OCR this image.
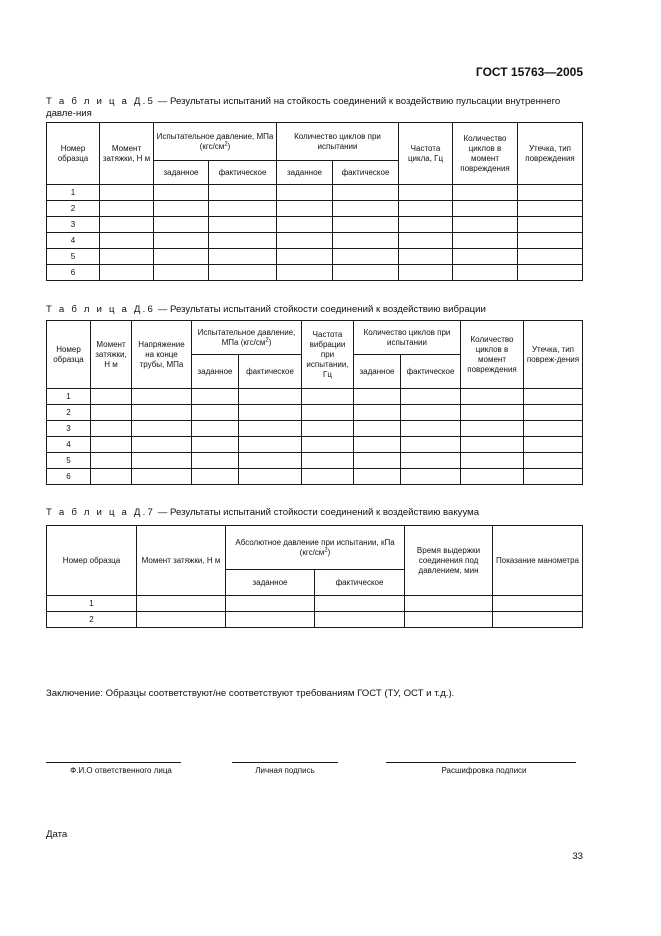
ГОСТ 15763—2005
Т а б л и ц а Д.5 — Результаты испытаний на стойкость соединений к воздействию пульсации внутреннего давле-ния
Номер образца	Момент затяжки, Н м	Испытательное давление, МПа $(кгс/см^2)$		Количество циклов при испытании		Частота цикла, Гц	Количество циклов в момент повреждения	Утечка, тип повреждения
		заданное	фактическое	заданное	фактическое			
1								
2								
3								
4								
5								
6								
Т а б л и ц а Д.6 — Результаты испытаний стойкости соединений к воздействию вибрации
Номер образца	Момент затяжки, Н м	Напряжение на конце трубы, МПа	Испытательное давление, МПа $(кгс/см^2)$		Частота вибрации при испытании, Гц	Количество циклов при испытании		Количество циклов в момент повреждения	Утечка, тип повреж-дения
			заданное	фактическое		заданное	фактическое		
1									
2									
3									
4									
5									
6									
Т а б л и ц а Д.7 — Результаты испытаний стойкости соединений к воздействию вакуума
Номер образца	Момент затяжки, Н м	Абсолютное давление при испытании, кПа $(кгс/см^2)$		Время выдержки соединения под давлением, мин	Показание манометра
		заданное	фактическое		
1					
2					
Заключение: Образцы соответствуют/не соответствуют требованиям ГОСТ (ТУ, ОСТ и т.д.).
Ф.И.О ответственного лица	Личная подпись	Расшифровка подписи
Дата
33
